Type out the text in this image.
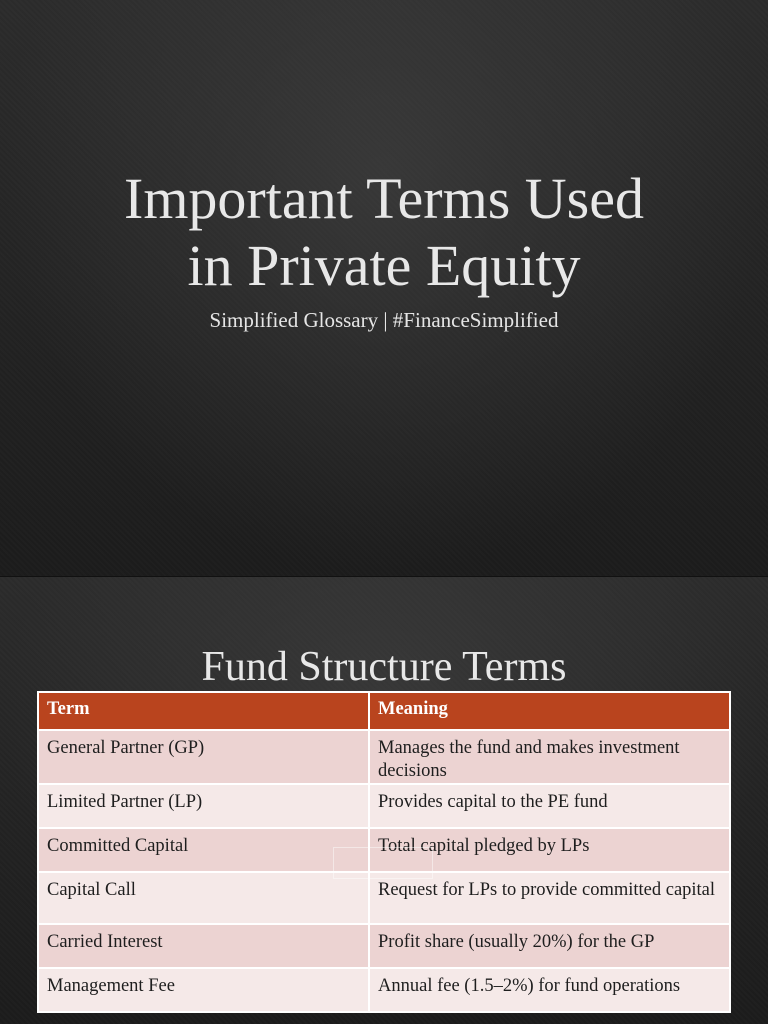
Important Terms Used
in Private Equity
Simplified Glossary | #FinanceSimplified
Fund Structure Terms
Term	Meaning
General Partner (GP)	Manages the fund and makes investment decisions
Limited Partner (LP)	Provides capital to the PE fund
Committed Capital	Total capital pledged by LPs
Capital Call	Request for LPs to provide committed capital
Carried Interest	Profit share (usually 20%) for the GP
Management Fee	Annual fee (1.5–2%) for fund operations
